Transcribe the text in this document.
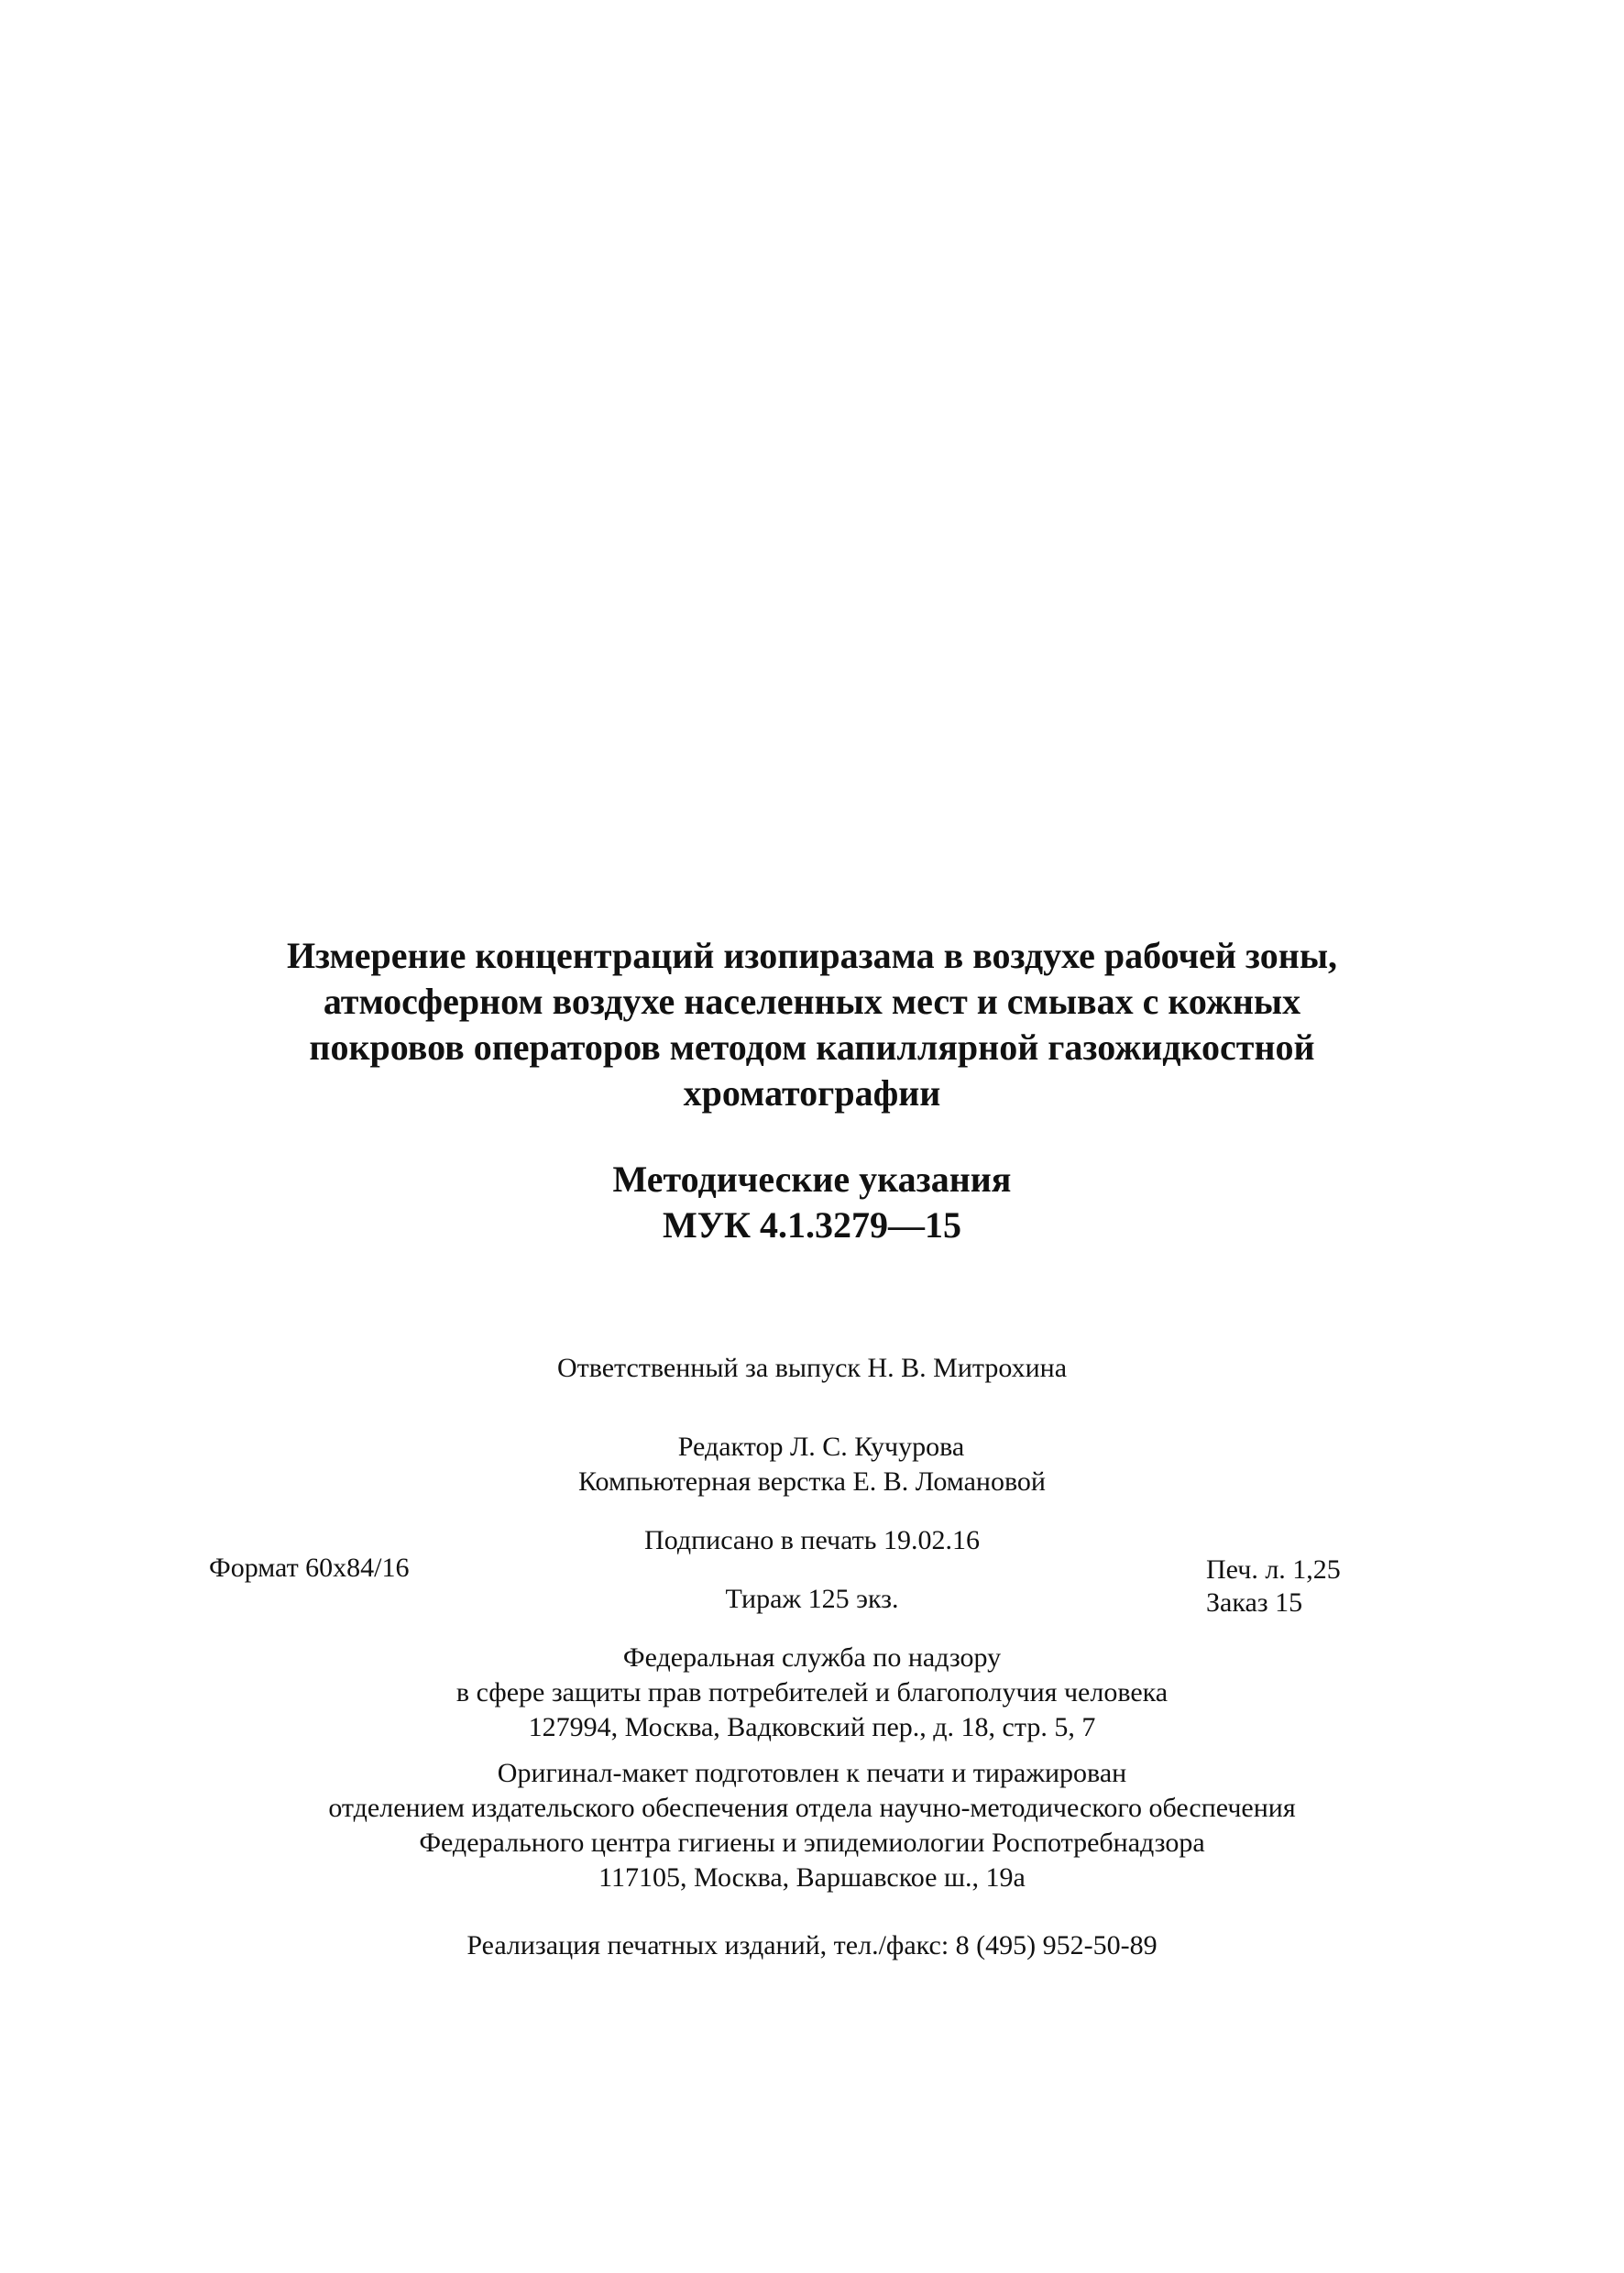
Измерение концентраций изопиразама в воздухе рабочей зоны,
атмосферном воздухе населенных мест и смывах с кожных
покровов операторов методом капиллярной газожидкостной
хроматографии
Методические указания
МУК 4.1.3279—15
Ответственный за выпуск Н. В. Митрохина
Редактор Л. С. Кучурова
Компьютерная верстка Е. В. Ломановой
Подписано в печать 19.02.16
Формат 60x84/16	Печ. л. 1,25
Тираж 125 экз.	Заказ 15
Федеральная служба по надзору
в сфере защиты прав потребителей и благополучия человека
127994, Москва, Вадковский пер., д. 18, стр. 5, 7
Оригинал-макет подготовлен к печати и тиражирован
отделением издательского обеспечения отдела научно-методического обеспечения
Федерального центра гигиены и эпидемиологии Роспотребнадзора
117105, Москва, Варшавское ш., 19а
Реализация печатных изданий, тел./факс: 8 (495) 952-50-89
